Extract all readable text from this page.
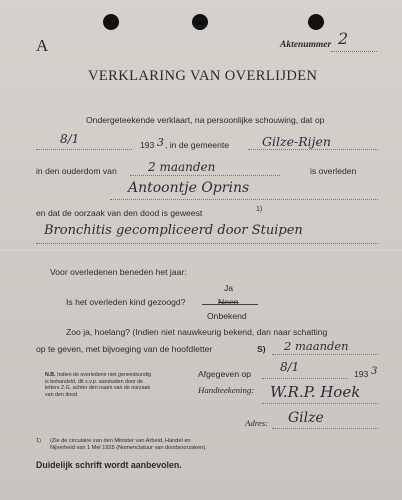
A	Aktenummer 2
VERKLARING VAN OVERLIJDEN
Ondergeteekende verklaart, na persoonlijke schouwing, dat op
8/1	193 3 , in de gemeente	Gilze-Rijen
in den ouderdom van	2 maanden	is overleden
Antoontje Oprins
en dat de oorzaak van den dood is geweest	1)
Bronchitis gecompliceerd door Stuipen
Voor overledenen beneden het jaar:
Ja
Is het overleden kind gezoogd?	Neen
Onbekend
Zoo ja, hoelang? (Indien niet nauwkeurig bekend, dan naar schatting
op te geven, met bijvoeging van de hoofdletter	S) 2 maanden
N.B. Indien de overledene niet geneeskundig
is behandeld, dit s.v.p. aanduiden door de
letters Z.G. achter den naam van de oorzaak
van den dood.
Afgegeven op 8/1	193 3
Handteekening: W.R.P. Hoek
Adres: Gilze
1) (Zie de circulaire van den Minister van Arbeid, Handel en
Nijverheid van 1 Mei 1925 (Nomenclatuur van doodsoorzaken).
Duidelijk schrift wordt aanbevolen.
